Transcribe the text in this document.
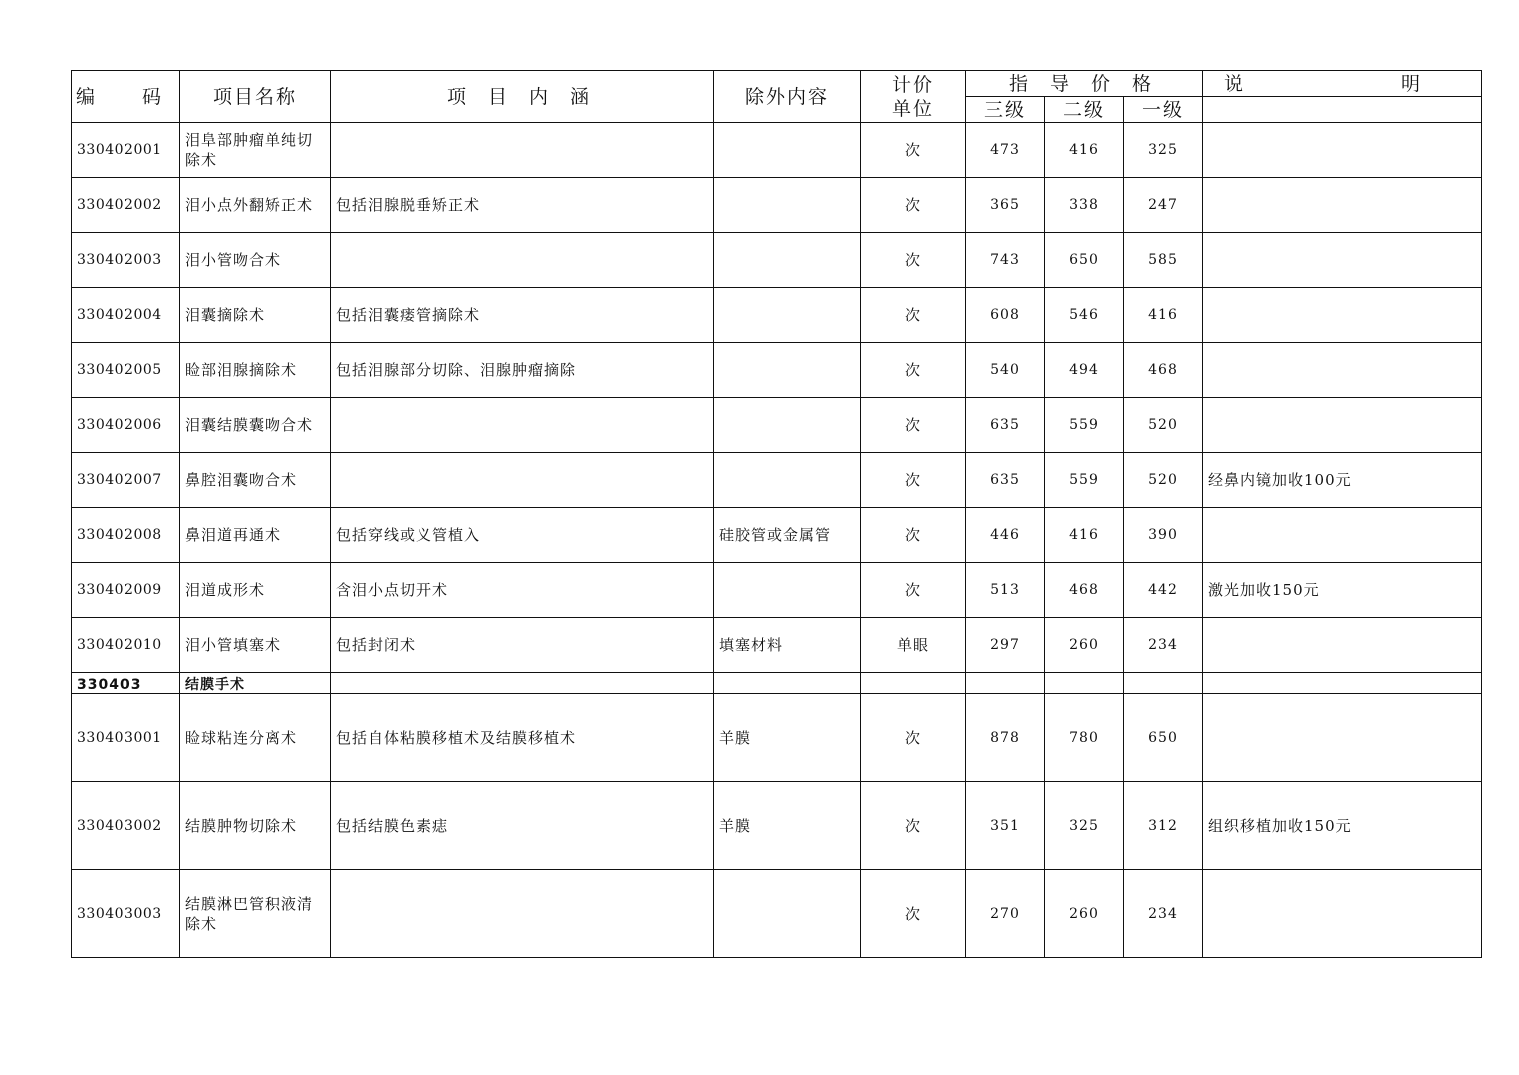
编　码	项目名称	项 目 内 涵	除外内容	计价单位	指 导 价 格			说　　明
					三级	二级	一级	
330402001	泪阜部肿瘤单纯切除术			次	473	416	325	
330402002	泪小点外翻矫正术	包括泪腺脱垂矫正术		次	365	338	247	
330402003	泪小管吻合术			次	743	650	585	
330402004	泪囊摘除术	包括泪囊瘘管摘除术		次	608	546	416	
330402005	睑部泪腺摘除术	包括泪腺部分切除、泪腺肿瘤摘除		次	540	494	468	
330402006	泪囊结膜囊吻合术			次	635	559	520	
330402007	鼻腔泪囊吻合术			次	635	559	520	经鼻内镜加收100元
330402008	鼻泪道再通术	包括穿线或义管植入	硅胶管或金属管	次	446	416	390	
330402009	泪道成形术	含泪小点切开术		次	513	468	442	激光加收150元
330402010	泪小管填塞术	包括封闭术	填塞材料	单眼	297	260	234	
330403	结膜手术							
330403001	睑球粘连分离术	包括自体粘膜移植术及结膜移植术	羊膜	次	878	780	650	
330403002	结膜肿物切除术	包括结膜色素痣	羊膜	次	351	325	312	组织移植加收150元
330403003	结膜淋巴管积液清除术			次	270	260	234	
